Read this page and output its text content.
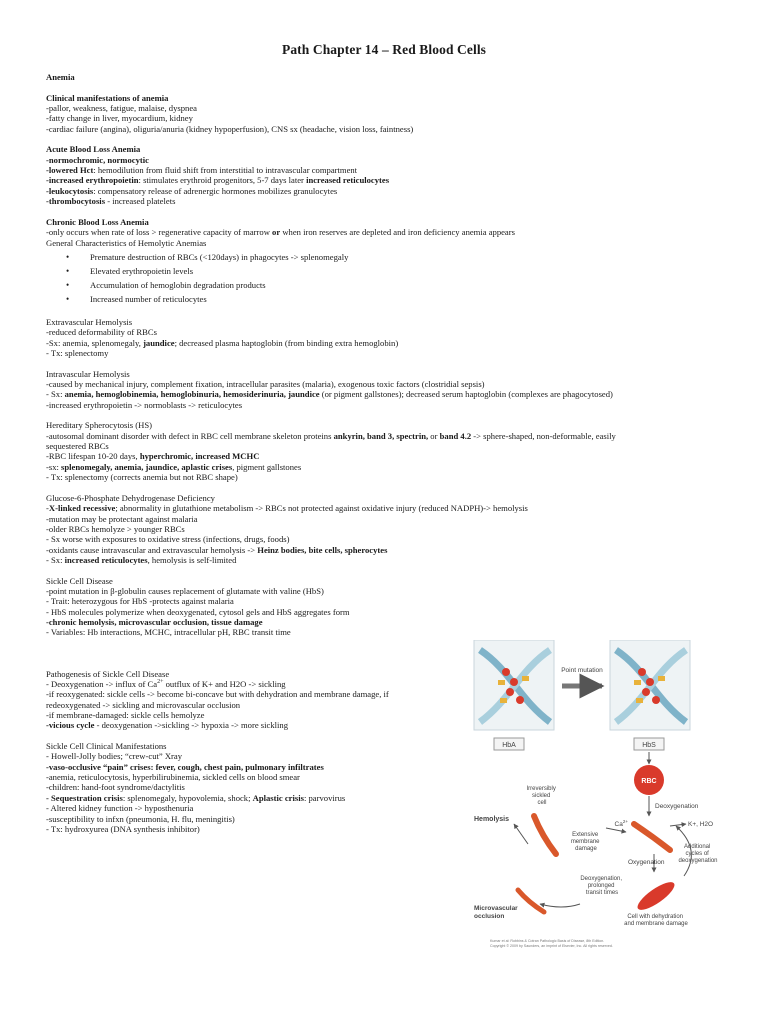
Path Chapter 14 – Red Blood Cells
Anemia
Clinical manifestations of anemia
-pallor, weakness, fatigue, malaise, dyspnea
-fatty change in liver, myocardium, kidney
-cardiac failure (angina), oliguria/anuria (kidney hypoperfusion), CNS sx (headache, vision loss, faintness)
Acute Blood Loss Anemia
-normochromic, normocytic
-lowered Hct: hemodilution from fluid shift from interstitial to intravascular compartment
-increased erythropoietin: stimulates erythroid progenitors, 5-7 days later increased reticulocytes
-leukocytosis: compensatory release of adrenergic hormones mobilizes granulocytes
-thrombocytosis - increased platelets
Chronic Blood Loss Anemia
-only occurs when rate of loss > regenerative capacity of marrow or when iron reserves are depleted and iron deficiency anemia appears
General Characteristics of Hemolytic Anemias
• Premature destruction of RBCs (<120days) in phagocytes -> splenomegaly
• Elevated erythropoietin levels
• Accumulation of hemoglobin degradation products
• Increased number of reticulocytes
Extravascular Hemolysis
-reduced deformability of RBCs
-Sx: anemia, splenomegaly, jaundice; decreased plasma haptoglobin (from binding extra hemoglobin)
- Tx: splenectomy
Intravascular Hemolysis
-caused by mechanical injury, complement fixation, intracellular parasites (malaria), exogenous toxic factors (clostridial sepsis)
- Sx: anemia, hemoglobinemia, hemoglobinuria, hemosiderinuria, jaundice (or pigment gallstones); decreased serum haptoglobin (complexes are phagocytosed)
-increased erythropoietin -> normoblasts -> reticulocytes
Hereditary Spherocytosis (HS)
-autosomal dominant disorder with defect in RBC cell membrane skeleton proteins ankyrin, band 3, spectrin, or band 4.2 -> sphere-shaped, non-deformable, easily
sequestered RBCs
-RBC lifespan 10-20 days, hyperchromic, increased MCHC
-sx: splenomegaly, anemia, jaundice, aplastic crises, pigment gallstones
- Tx: splenectomy (corrects anemia but not RBC shape)
Glucose-6-Phosphate Dehydrogenase Deficiency
-X-linked recessive; abnormality in glutathione metabolism -> RBCs not protected against oxidative injury (reduced NADPH)-> hemolysis
-mutation may be protectant against malaria
-older RBCs hemolyze > younger RBCs
- Sx worse with exposures to oxidative stress (infections, drugs, foods)
-oxidants cause intravascular and extravascular hemolysis -> Heinz bodies, bite cells, spherocytes
- Sx: increased reticulocytes, hemolysis is self-limited
Sickle Cell Disease
-point mutation in β-globulin causes replacement of glutamate with valine (HbS)
- Trait: heterozygous for HbS -protects against malaria
- HbS molecules polymerize when deoxygenated, cytosol gels and HbS aggregates form
-chronic hemolysis, microvascular occlusion, tissue damage
- Variables: Hb interactions, MCHC, intracellular pH, RBC transit time
Pathogenesis of Sickle Cell Disease
- Deoxygenation -> influx of $Ca^{2+}$ outflux of K+ and H2O -> sickling
-if reoxygenated: sickle cells -> become bi-concave but with dehydration and membrane damage, if
redeoxygenated -> sickling and microvascular occlusion
-if membrane-damaged: sickle cells hemolyze
-vicious cycle - deoxygenation ->sickling -> hypoxia -> more sickling
Sickle Cell Clinical Manifestations
- Howell-Jolly bodies; “crew-cut” Xray
-vaso-occlusive “pain” crises: fever, cough, chest pain, pulmonary infiltrates
-anemia, reticulocytosis, hyperbilirubinemia, sickled cells on blood smear
-children: hand-foot syndrome/dactylitis
- Sequestration crisis: splenomegaly, hypovolemia, shock; Aplastic crisis: parvovirus
- Altered kidney function -> hyposthenuria
-susceptibility to infxn (pneumonia, H. flu, meningitis)
- Tx: hydroxyurea (DNA synthesis inhibitor)
HbA
Point mutation
HbS
RBC
Deoxygenation
Irreversibly sickled cell
$Ca^{2+}$	K+, H2O
Hemolysis
Extensive membrane damage
Oxygenation
Additional cycles of deoxygenation
Deoxygenation, prolonged transit times
Microvascular occlusion	Cell with dehydration and membrane damage
Kumar et al: Robbins & Cotran Pathologic Basis of Disease, 8th Edition. Copyright © 2009 by Saunders, an imprint of Elsevier, Inc. All rights reserved.
